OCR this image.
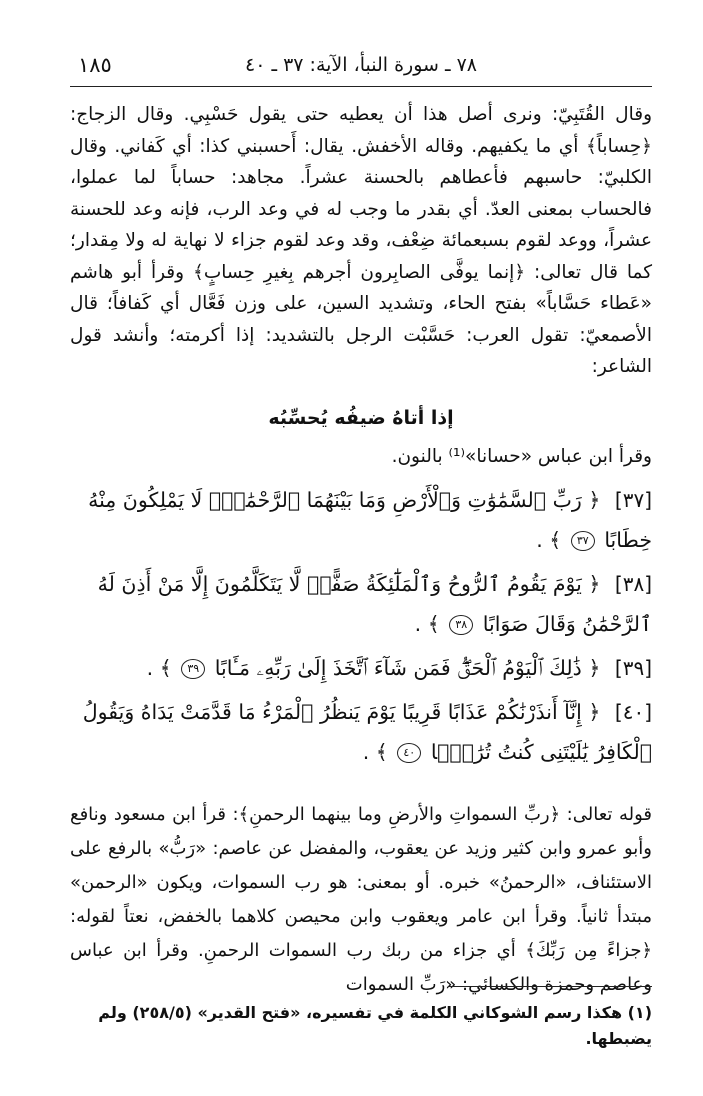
٧٨ ـ سورة النبأ، الآية: ٣٧ ـ ٤٠
١٨٥

وقال القُتَبِيّ: ونرى أصل هذا أن يعطيه حتى يقول حَسْبِي. وقال الزجاج: ﴿حِساباً﴾ أي ما يكفيهم. وقاله الأخفش. يقال: أَحسبني كذا: أي كَفاني. وقال الكلبيّ: حاسبهم فأعطاهم بالحسنة عشراً. مجاهد: حساباً لما عملوا، فالحساب بمعنى العدّ. أي بقدر ما وجب له في وعد الرب، فإنه وعد للحسنة عشراً، ووعد لقوم بسبعمائة ضِعْف، وقد وعد لقوم جزاء لا نهاية له ولا مِقدار؛ كما قال تعالى: ﴿إنما يوفَّى الصابِرون أجرهم بِغيرِ حِسابٍ﴾ وقرأ أبو هاشم «عَطاء حَسَّاباً» بفتح الحاء، وتشديد السين، على وزن فَعَّال أي كَفافاً؛ قال الأصمعيّ: تقول العرب: حَسَّبْت الرجل بالتشديد: إذا أكرمته؛ وأنشد قول الشاعر:

إذا أتاهُ ضيفُه يُحسِّبُه

وقرأ ابن عباس «حسانا»⁽¹⁾ بالنون.

[٣٧] ﴿ رَبِّ ٱلسَّمَٰوَٰتِ وَٱلْأَرْضِ وَمَا بَيْنَهُمَا ٱلرَّحْمَٰنِۖ لَا يَمْلِكُونَ مِنْهُ خِطَابًا ٣٧ ﴾ .
[٣٨] ﴿ يَوْمَ يَقُومُ ٱلرُّوحُ وَٱلْمَلَٰٓئِكَةُ صَفًّاۖ لَّا يَتَكَلَّمُونَ إِلَّا مَنْ أَذِنَ لَهُ ٱلرَّحْمَٰنُ وَقَالَ صَوَابًا ٣٨ ﴾ .
[٣٩] ﴿ ذَٰلِكَ ٱلْيَوْمُ ٱلْحَقُّۖ فَمَن شَآءَ ٱتَّخَذَ إِلَىٰ رَبِّهِۦ مَـَٔابًا ٣٩ ﴾ .
[٤٠] ﴿ إِنَّآ أَنذَرْنَٰكُمْ عَذَابًا قَرِيبًا يَوْمَ يَنظُرُ ٱلْمَرْءُ مَا قَدَّمَتْ يَدَاهُ وَيَقُولُ ٱلْكَافِرُ يَٰلَيْتَنِى كُنتُ تُرَٰبًۢا ٤٠ ﴾ .

قوله تعالى: ﴿ربِّ السمواتِ والأرضِ وما بينهما الرحمنِ﴾: قرأ ابن مسعود ونافع وأبو عمرو وابن كثير وزيد عن يعقوب، والمفضل عن عاصم: «رَبُّ» بالرفع على الاستئناف، «الرحمنُ» خبره. أو بمعنى: هو رب السموات، ويكون «الرحمن» مبتدأ ثانياً. وقرأ ابن عامر ويعقوب وابن محيصن كلاهما بالخفض، نعتاً لقوله: ﴿جزاءً مِن رَبِّكَ﴾ أي جزاء من ربك رب السموات الرحمنِ. وقرأ ابن عباس وعاصم وحمزة والكسائي: «رَبِّ السموات

(١) هكذا رسم الشوكاني الكلمة في تفسيره، «فتح القدير» (٢٥٨/٥) ولم يضبطها.
